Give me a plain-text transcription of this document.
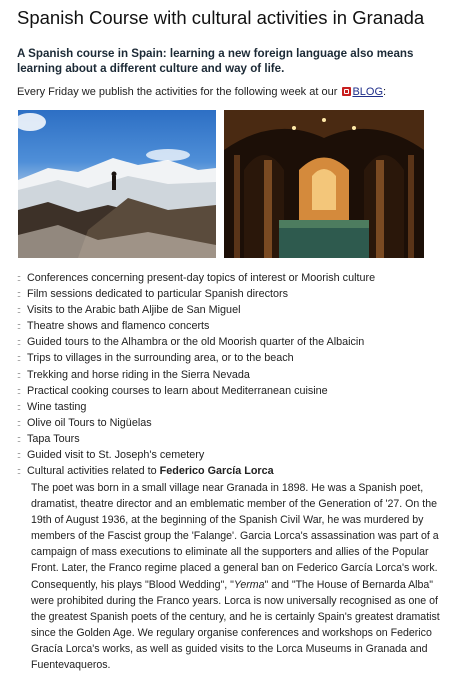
Spanish Course with cultural activities in Granada

A Spanish course in Spain: learning a new foreign language also means learning about a different culture and way of life.

Every Friday we publish the activities for the following week at our BLOG:

:: Conferences concerning present-day topics of interest or Moorish culture
:: Film sessions dedicated to particular Spanish directors
:: Visits to the Arabic bath Aljibe de San Miguel
:: Theatre shows and flamenco concerts
:: Guided tours to the Alhambra or the old Moorish quarter of the Albaicin
:: Trips to villages in the surrounding area, or to the beach
:: Trekking and horse riding in the Sierra Nevada
:: Practical cooking courses to learn about Mediterranean cuisine
:: Wine tasting
:: Olive oil Tours to Nigüelas
:: Tapa Tours
:: Guided visit to St. Joseph's cemetery
:: Cultural activities related to Federico García Lorca

The poet was born in a small village near Granada in 1898. He was a Spanish poet, dramatist, theatre director and an emblematic member of the Generation of '27. On the 19th of August 1936, at the beginning of the Spanish Civil War, he was murdered by members of the Fascist group the 'Falange'. Garcia Lorca's assassination was part of a campaign of mass executions to eliminate all the supporters and allies of the Popular Front. Later, the Franco regime placed a general ban on Federico García Lorca's work. Consequently, his plays "Blood Wedding", "Yerma" and "The House of Bernarda Alba" were prohibited during the Franco years. Lorca is now universally recognised as one of the greatest Spanish poets of the century, and he is certainly Spain's greatest dramatist since the Golden Age. We regulary organise conferences and workshops on Federico Gracía Lorca's works, as well as guided visits to the Lorca Museums in Granada and Fuentevaqueros.
